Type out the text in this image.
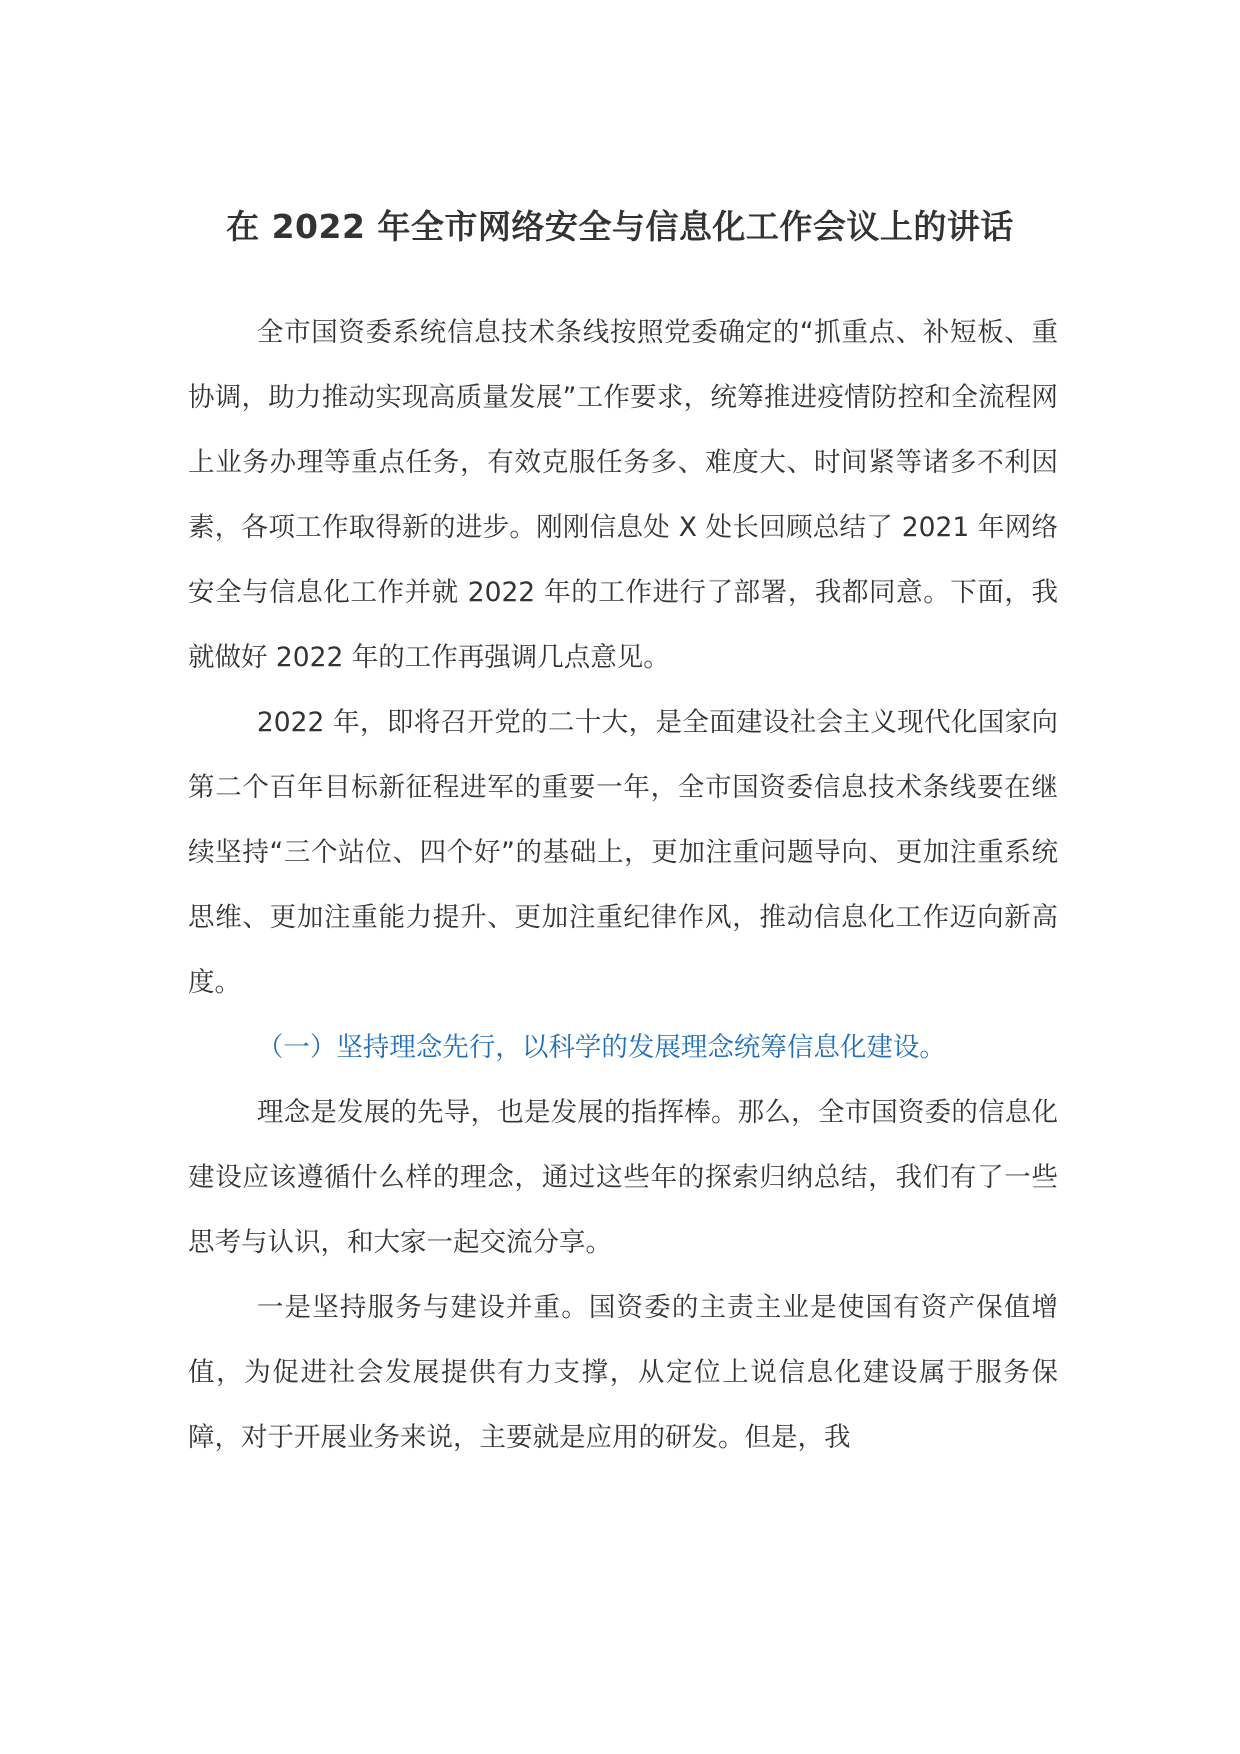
在 2022 年全市网络安全与信息化工作会议上的讲话

全市国资委系统信息技术条线按照党委确定的“抓重点、补短板、重协调，助力推动实现高质量发展”工作要求，统筹推进疫情防控和全流程网上业务办理等重点任务，有效克服任务多、难度大、时间紧等诸多不利因素，各项工作取得新的进步。刚刚信息处 X 处长回顾总结了 2021 年网络安全与信息化工作并就 2022 年的工作进行了部署，我都同意。下面，我就做好 2022 年的工作再强调几点意见。

2022 年，即将召开党的二十大，是全面建设社会主义现代化国家向第二个百年目标新征程进军的重要一年，全市国资委信息技术条线要在继续坚持“三个站位、四个好”的基础上，更加注重问题导向、更加注重系统思维、更加注重能力提升、更加注重纪律作风，推动信息化工作迈向新高度。

（一）坚持理念先行，以科学的发展理念统筹信息化建设。

理念是发展的先导，也是发展的指挥棒。那么，全市国资委的信息化建设应该遵循什么样的理念，通过这些年的探索归纳总结，我们有了一些思考与认识，和大家一起交流分享。

一是坚持服务与建设并重。国资委的主责主业是使国有资产保值增值，为促进社会发展提供有力支撑，从定位上说信息化建设属于服务保障，对于开展业务来说，主要就是应用的研发。但是，我
